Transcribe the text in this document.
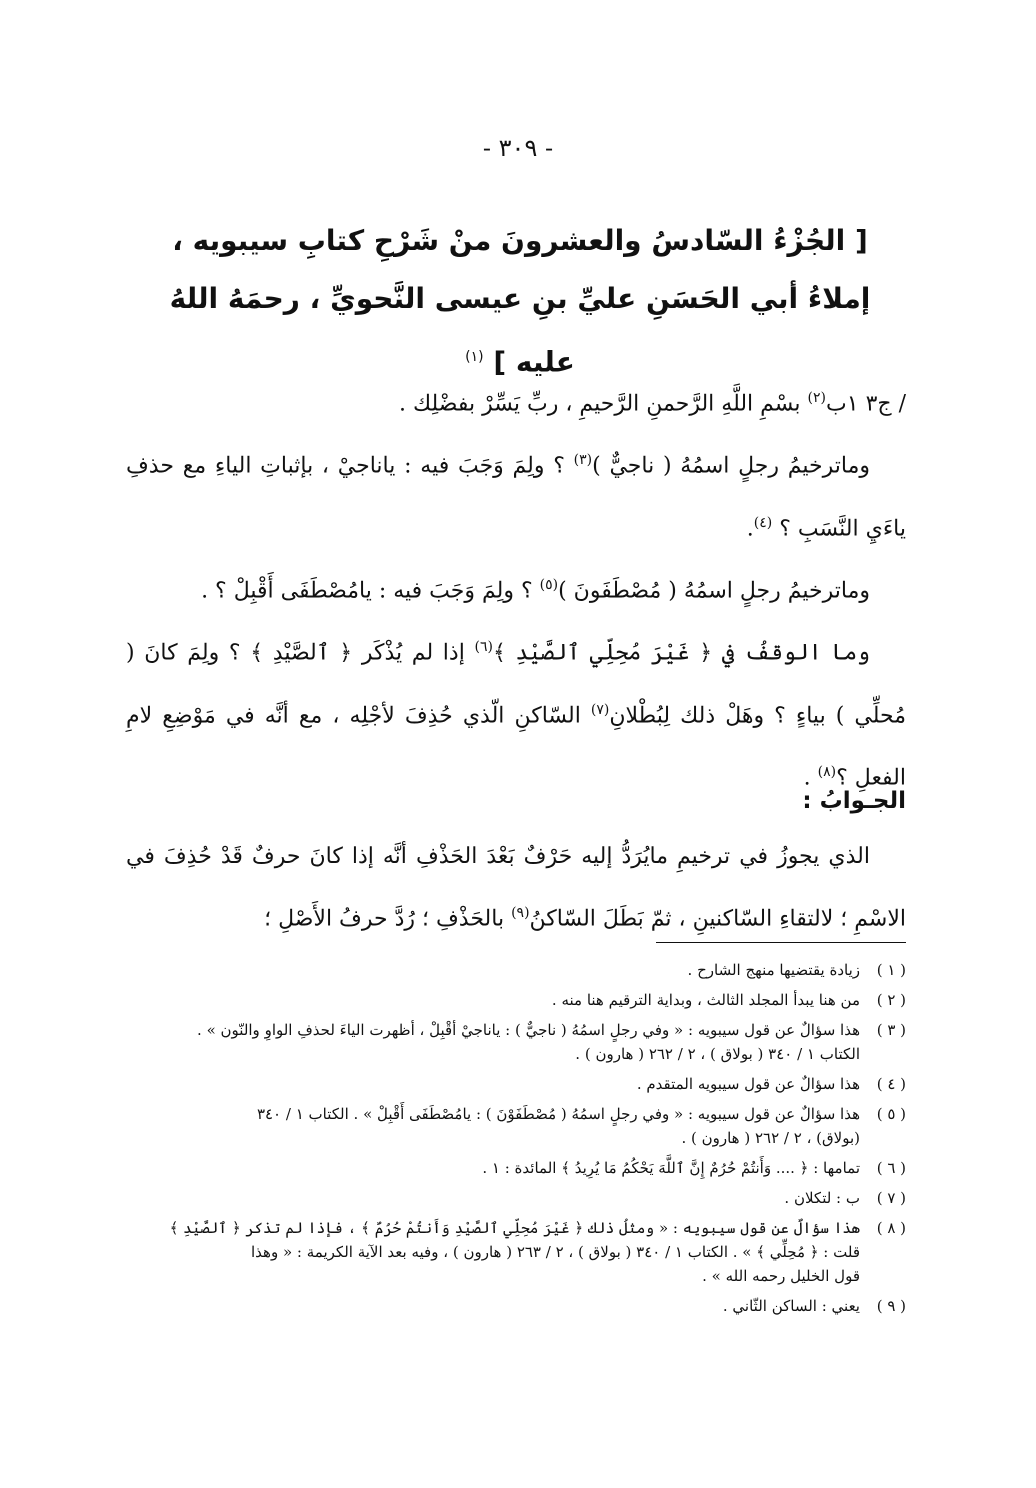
- ٣٠٩ -
[ الجُزْءُ السّادسُ والعشرونَ منْ شَرْحِ كتابِ سيبويه ، إملاءُ أبي الحَسَنِ عليِّ بنِ عيسى النَّحويِّ ، رحمَهُ اللهُ عليه ] $^{(١)}$

/ ج٣ ١ب$^{(٢)}$ بسْمِ اللَّهِ الرَّحمنِ الرَّحيمِ ، ربِّ يَسِّرْ بفضْلِك .

وماترخيمُ رجلٍ اسمُهُ ( ناجيٌّ )$^{(٣)}$ ؟ ولِمَ وَجَبَ فيه : ياناجيْ ، بإثباتِ الياءِ مع حذفِ ياءَيِ النَّسَبِ ؟ $^{(٤)}$.

وماترخيمُ رجلٍ اسمُهُ ( مُصْطَفَونَ )$^{(٥)}$ ؟ ولِمَ وَجَبَ فيه : يامُصْطَفَى أَقْبِلْ ؟ .

وما الوقفُ في ﴿ غَيْرَ مُحِلِّي ٱلصَّيْدِ ﴾$^{(٦)}$ إذا لم يُذْكَر ﴿ ٱلصَّيْدِ ﴾ ؟ ولِمَ كانَ ( مُحلِّي ) بياءٍ ؟ وهَلْ ذلك لِبُطْلانِ$^{(٧)}$ السّاكنِ الّذي حُذِفَ لأجْلِه ، مع أنَّه في مَوْضِعِ لامِ الفعلِ ؟$^{(٨)}$ .

الجـوابُ :

الذي يجوزُ في ترخيمِ مايُرَدُّ إليه حَرْفٌ بَعْدَ الحَذْفِ أنَّه إذا كانَ حرفٌ قَدْ حُذِفَ في الاسْمِ ؛ لالتقاءِ السّاكنينِ ، ثمّ بَطَلَ السّاكنُ$^{(٩)}$ بالحَذْفِ ؛ رُدَّ حرفُ الأَصْلِ ؛

( ١ )
زيادة يقتضيها منهج الشارح .
( ٢ )
من هنا يبدأ المجلد الثالث ، وبداية الترقيم هنا منه .
( ٣ )
هذا سؤالٌ عن قول سيبويه : « وفي رجلٍ اسمُهُ ( ناجيٌّ ) : ياناجيْ أقْبِلْ ، أظهرت الياءَ لحذفِ الواوِ والنّون » .
الكتاب ١ / ٣٤٠ ( بولاق ) ، ٢ / ٢٦٢ ( هارون ) .
( ٤ )
هذا سؤالٌ عن قول سيبويه المتقدم .
( ٥ )
هذا سؤالٌ عن قول سيبويه : « وفي رجلٍ اسمُهُ ( مُصْطَفَوْنَ ) : يامُصْطَفَى أَقْبِلْ » . الكتاب ١ / ٣٤٠
(بولاق) ، ٢ / ٢٦٢ ( هارون ) .
( ٦ )
تمامها : ﴿ .... وَأَنتُمْ حُرُمٌ إِنَّ ٱللَّهَ يَحْكُمُ مَا يُرِيدُ ﴾ المائدة : ١ .
( ٧ )
ب : لتكلان .
( ٨ )
هذا سؤالٌ عن قول سيبويه : « ومثلُ ذلك ﴿ غَيْرَ مُحِلِّي ٱلصَّيْدِ وَأَنتُمْ حُرُمٌ ﴾ ، فإذا لم تذكر ﴿ ٱلصَّيْدِ ﴾
قلت : ﴿ مُحِلِّي ﴾ » . الكتاب ١ / ٣٤٠ ( بولاق ) ، ٢ / ٢٦٣ ( هارون ) ، وفيه بعد الآية الكريمة : « وهذا
قول الخليل رحمه الله » .
( ٩ )
يعني : الساكن الثّاني .
